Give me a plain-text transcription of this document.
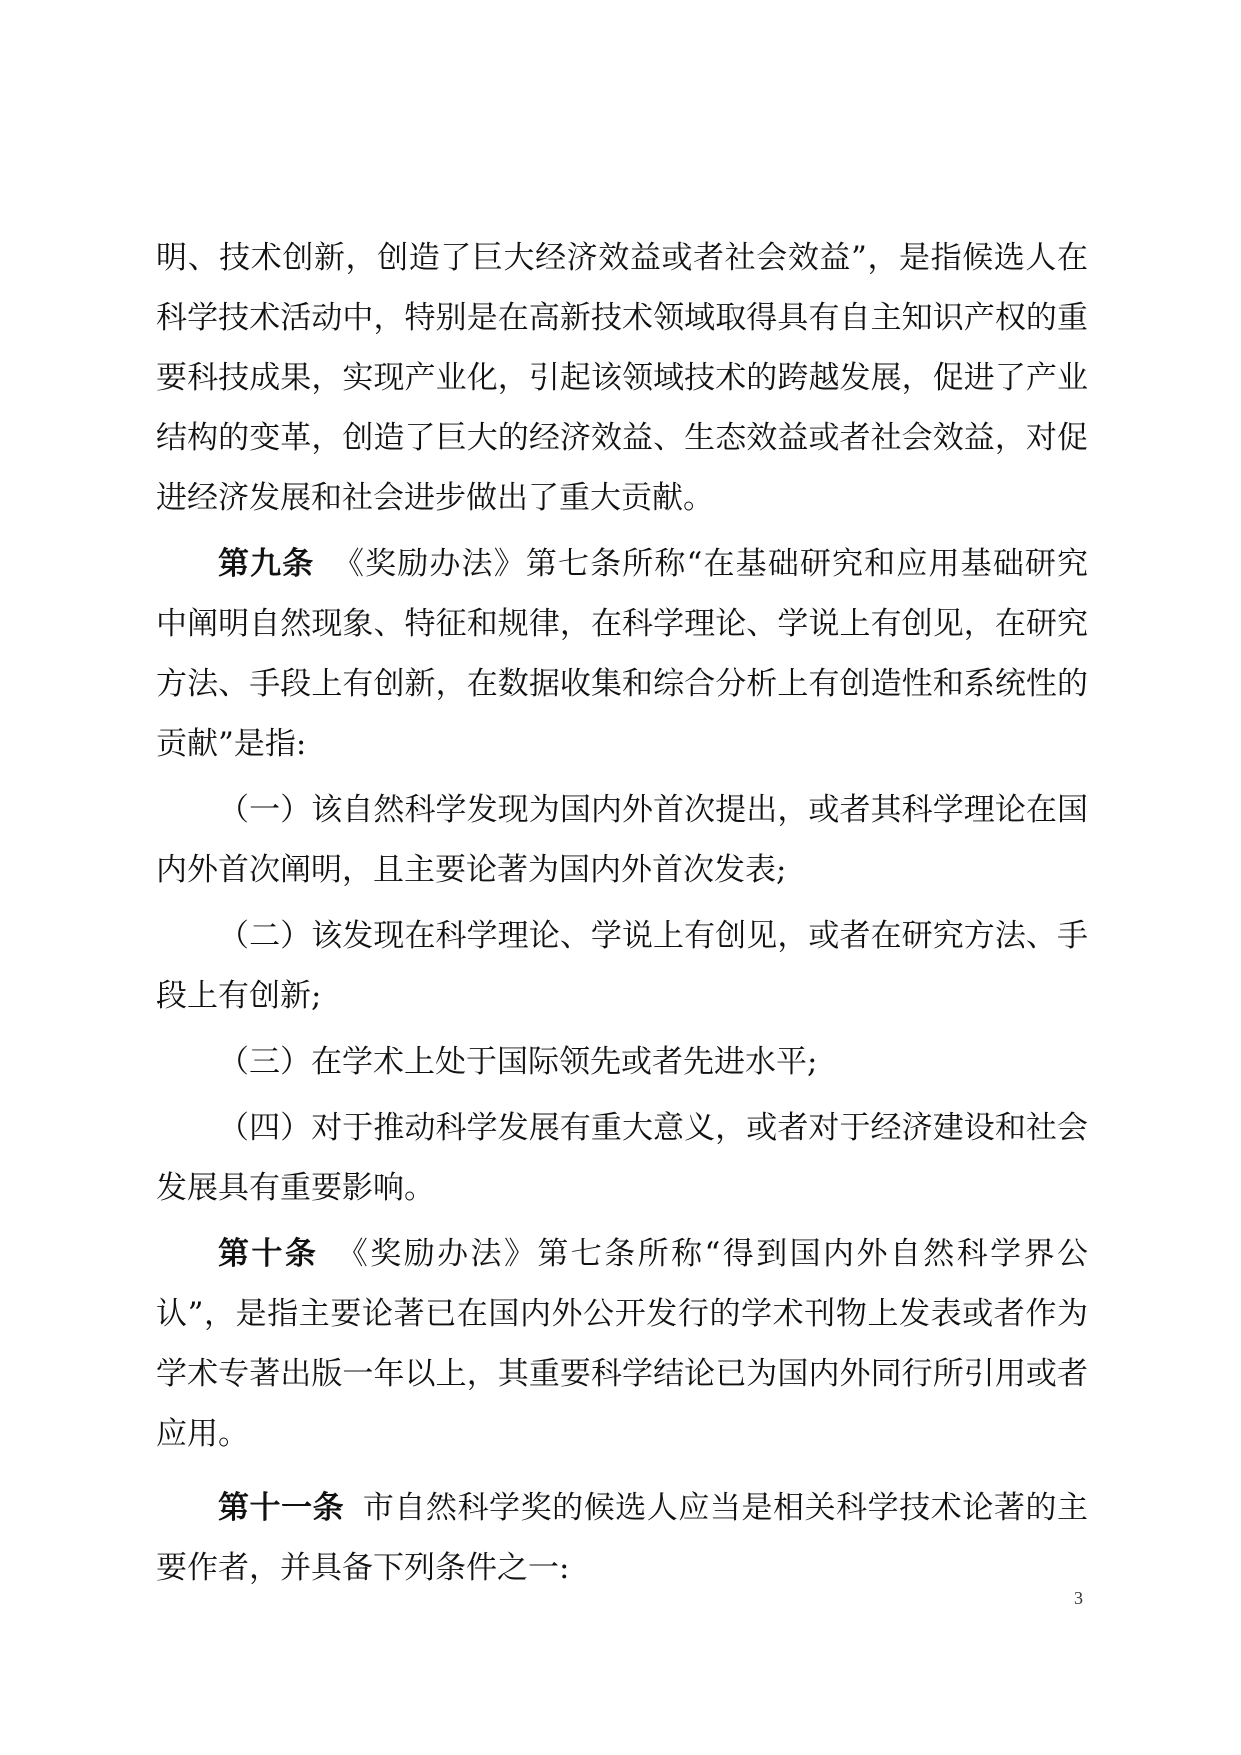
明、技术创新，创造了巨大经济效益或者社会效益”，是指候选人在科学技术活动中，特别是在高新技术领域取得具有自主知识产权的重要科技成果，实现产业化，引起该领域技术的跨越发展，促进了产业结构的变革，创造了巨大的经济效益、生态效益或者社会效益，对促进经济发展和社会进步做出了重大贡献。

第九条 《奖励办法》第七条所称“在基础研究和应用基础研究中阐明自然现象、特征和规律，在科学理论、学说上有创见，在研究方法、手段上有创新，在数据收集和综合分析上有创造性和系统性的贡献”是指:

（一）该自然科学发现为国内外首次提出，或者其科学理论在国内外首次阐明，且主要论著为国内外首次发表;

（二）该发现在科学理论、学说上有创见，或者在研究方法、手段上有创新;

（三）在学术上处于国际领先或者先进水平;

（四）对于推动科学发展有重大意义，或者对于经济建设和社会发展具有重要影响。

第十条 《奖励办法》第七条所称“得到国内外自然科学界公认”，是指主要论著已在国内外公开发行的学术刊物上发表或者作为学术专著出版一年以上，其重要科学结论已为国内外同行所引用或者应用。

第十一条 市自然科学奖的候选人应当是相关科学技术论著的主要作者，并具备下列条件之一:

3
